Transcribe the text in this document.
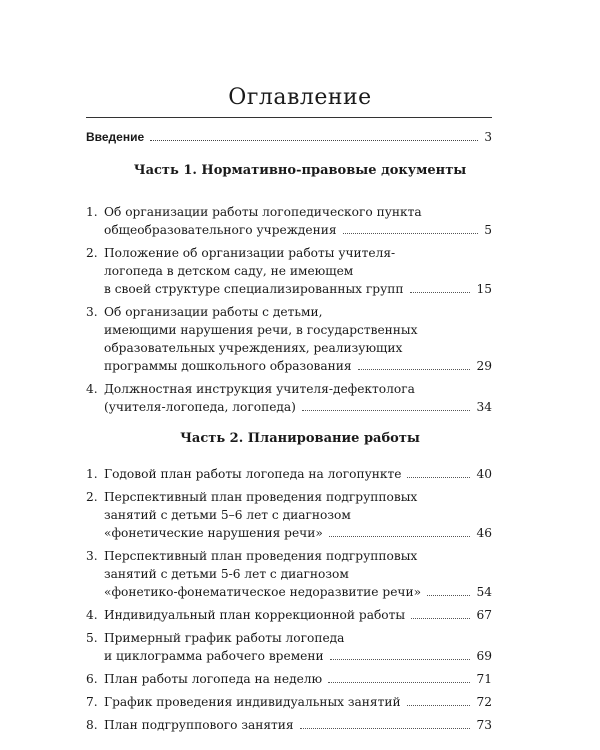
Оглавление
Введение	3
Часть 1. Нормативно-правовые документы
1. Об организации работы логопедического пункта
общеобразовательного учреждения	5
2. Положение об организации работы учителя-
логопеда в детском саду, не имеющем
в своей структуре специализированных групп	15
3. Об организации работы с детьми,
имеющими нарушения речи, в государственных
образовательных учреждениях, реализующих
программы дошкольного образования	29
4. Должностная инструкция учителя-дефектолога
(учителя-логопеда, логопеда)	34
Часть 2. Планирование работы
1. Годовой план работы логопеда на логопункте	40
2. Перспективный план проведения подгрупповых
занятий с детьми 5–6 лет с диагнозом
«фонетические нарушения речи»	46
3. Перспективный план проведения подгрупповых
занятий с детьми 5-6 лет с диагнозом
«фонетико-фонематическое недоразвитие речи»	54
4. Индивидуальный план коррекционной работы	67
5. Примерный график работы логопеда
и циклограмма рабочего времени	69
6. План работы логопеда на неделю	71
7. График проведения индивидуальных занятий	72
8. План подгруппового занятия	73
